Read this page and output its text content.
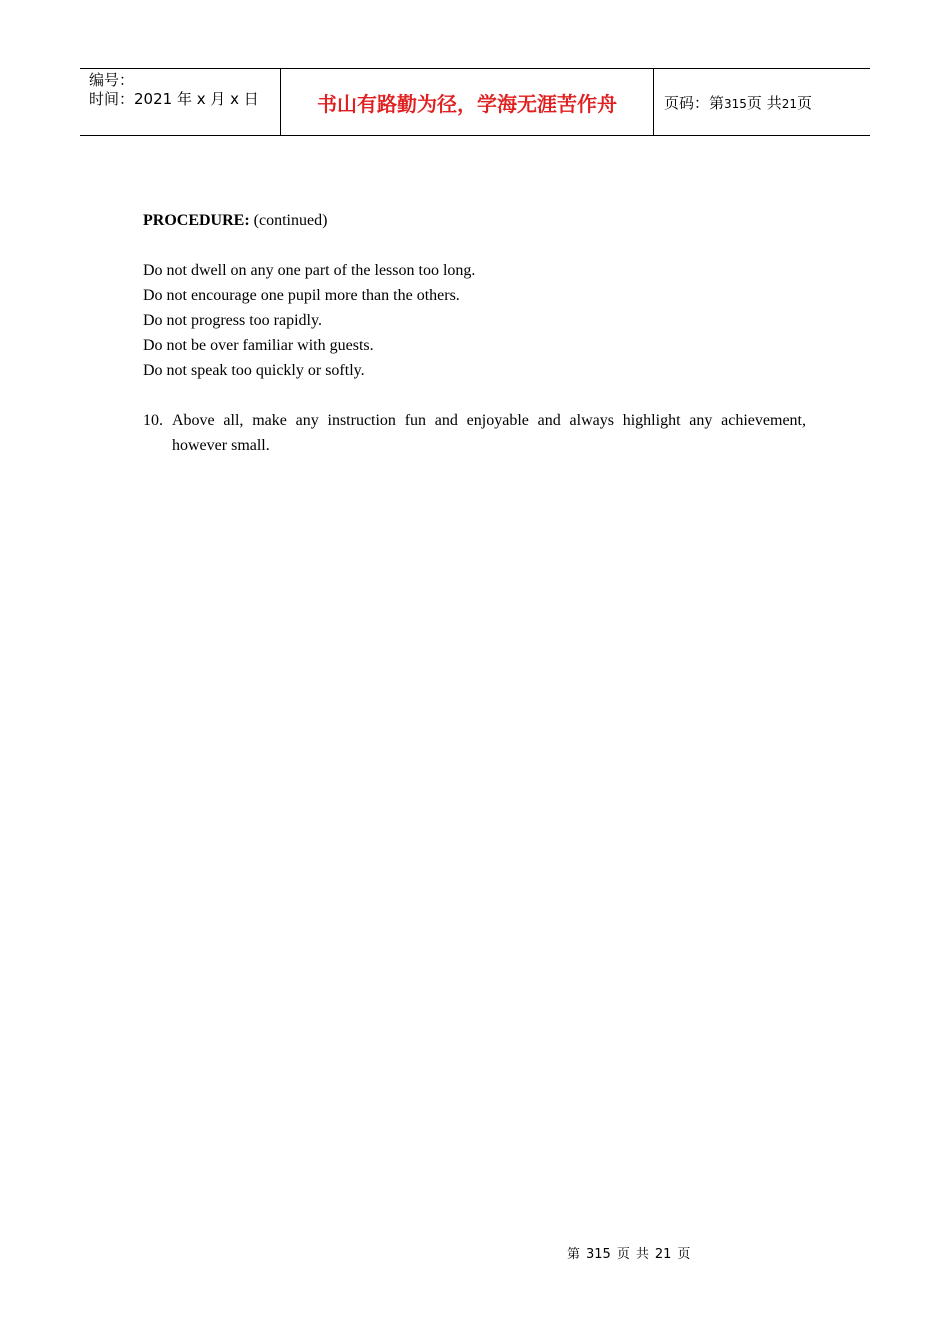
编号：
时间：2021 年 x 月 x 日	书山有路勤为径，学海无涯苦作舟	页码：第315页 共21页

PROCEDURE: (continued)

Do not dwell on any one part of the lesson too long.
Do not encourage one pupil more than the others.
Do not progress too rapidly.
Do not be over familiar with guests.
Do not speak too quickly or softly.
10. Above all, make any instruction fun and enjoyable and always highlight any achievement, however small.
第 315 页 共 21 页
